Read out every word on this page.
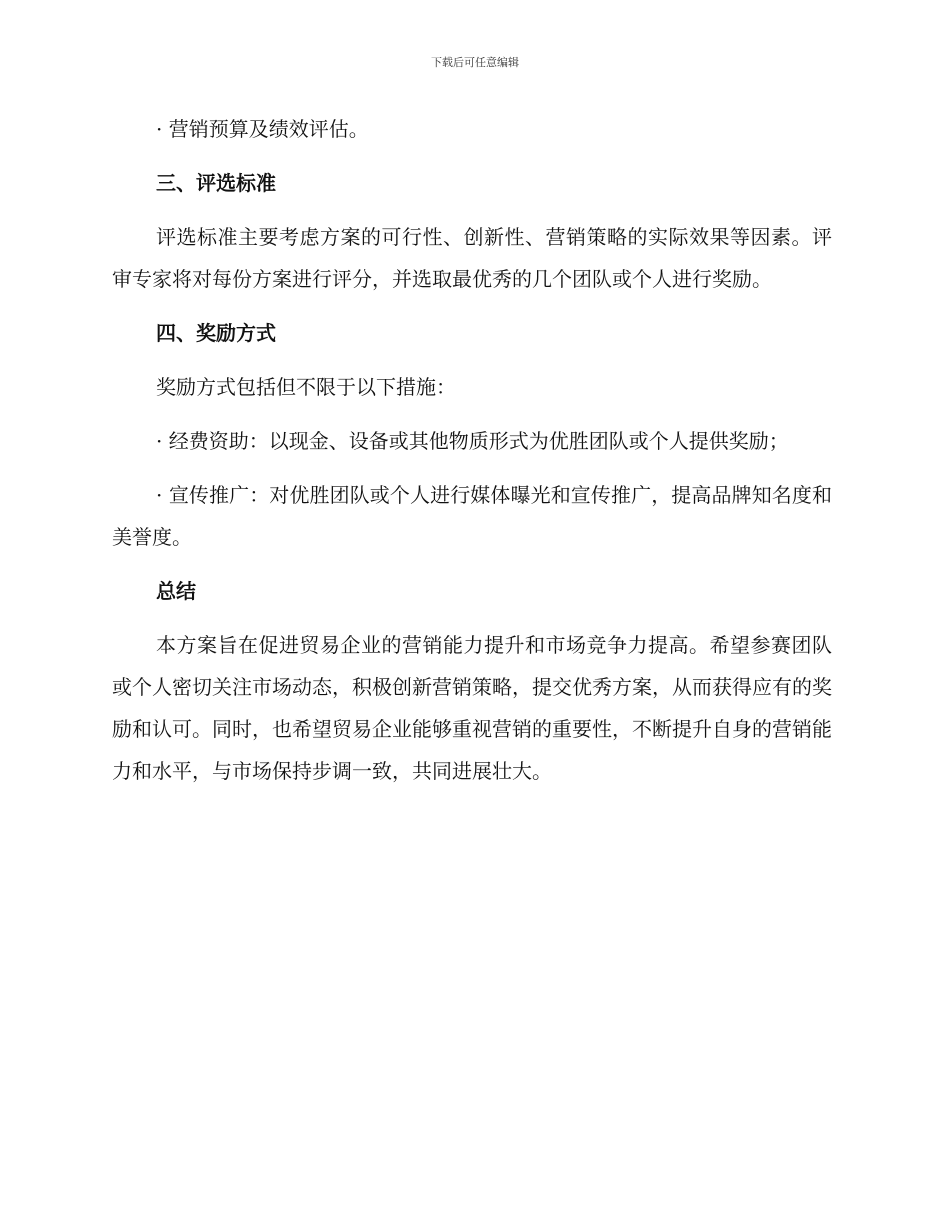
下载后可任意编辑

· 营销预算及绩效评估。

三、评选标准

评选标准主要考虑方案的可行性、创新性、营销策略的实际效果等因素。评审专家将对每份方案进行评分，并选取最优秀的几个团队或个人进行奖励。

四、奖励方式

奖励方式包括但不限于以下措施：

· 经费资助：以现金、设备或其他物质形式为优胜团队或个人提供奖励；

· 宣传推广：对优胜团队或个人进行媒体曝光和宣传推广，提高品牌知名度和美誉度。

总结

本方案旨在促进贸易企业的营销能力提升和市场竞争力提高。希望参赛团队或个人密切关注市场动态，积极创新营销策略，提交优秀方案，从而获得应有的奖励和认可。同时，也希望贸易企业能够重视营销的重要性，不断提升自身的营销能力和水平，与市场保持步调一致，共同进展壮大。
